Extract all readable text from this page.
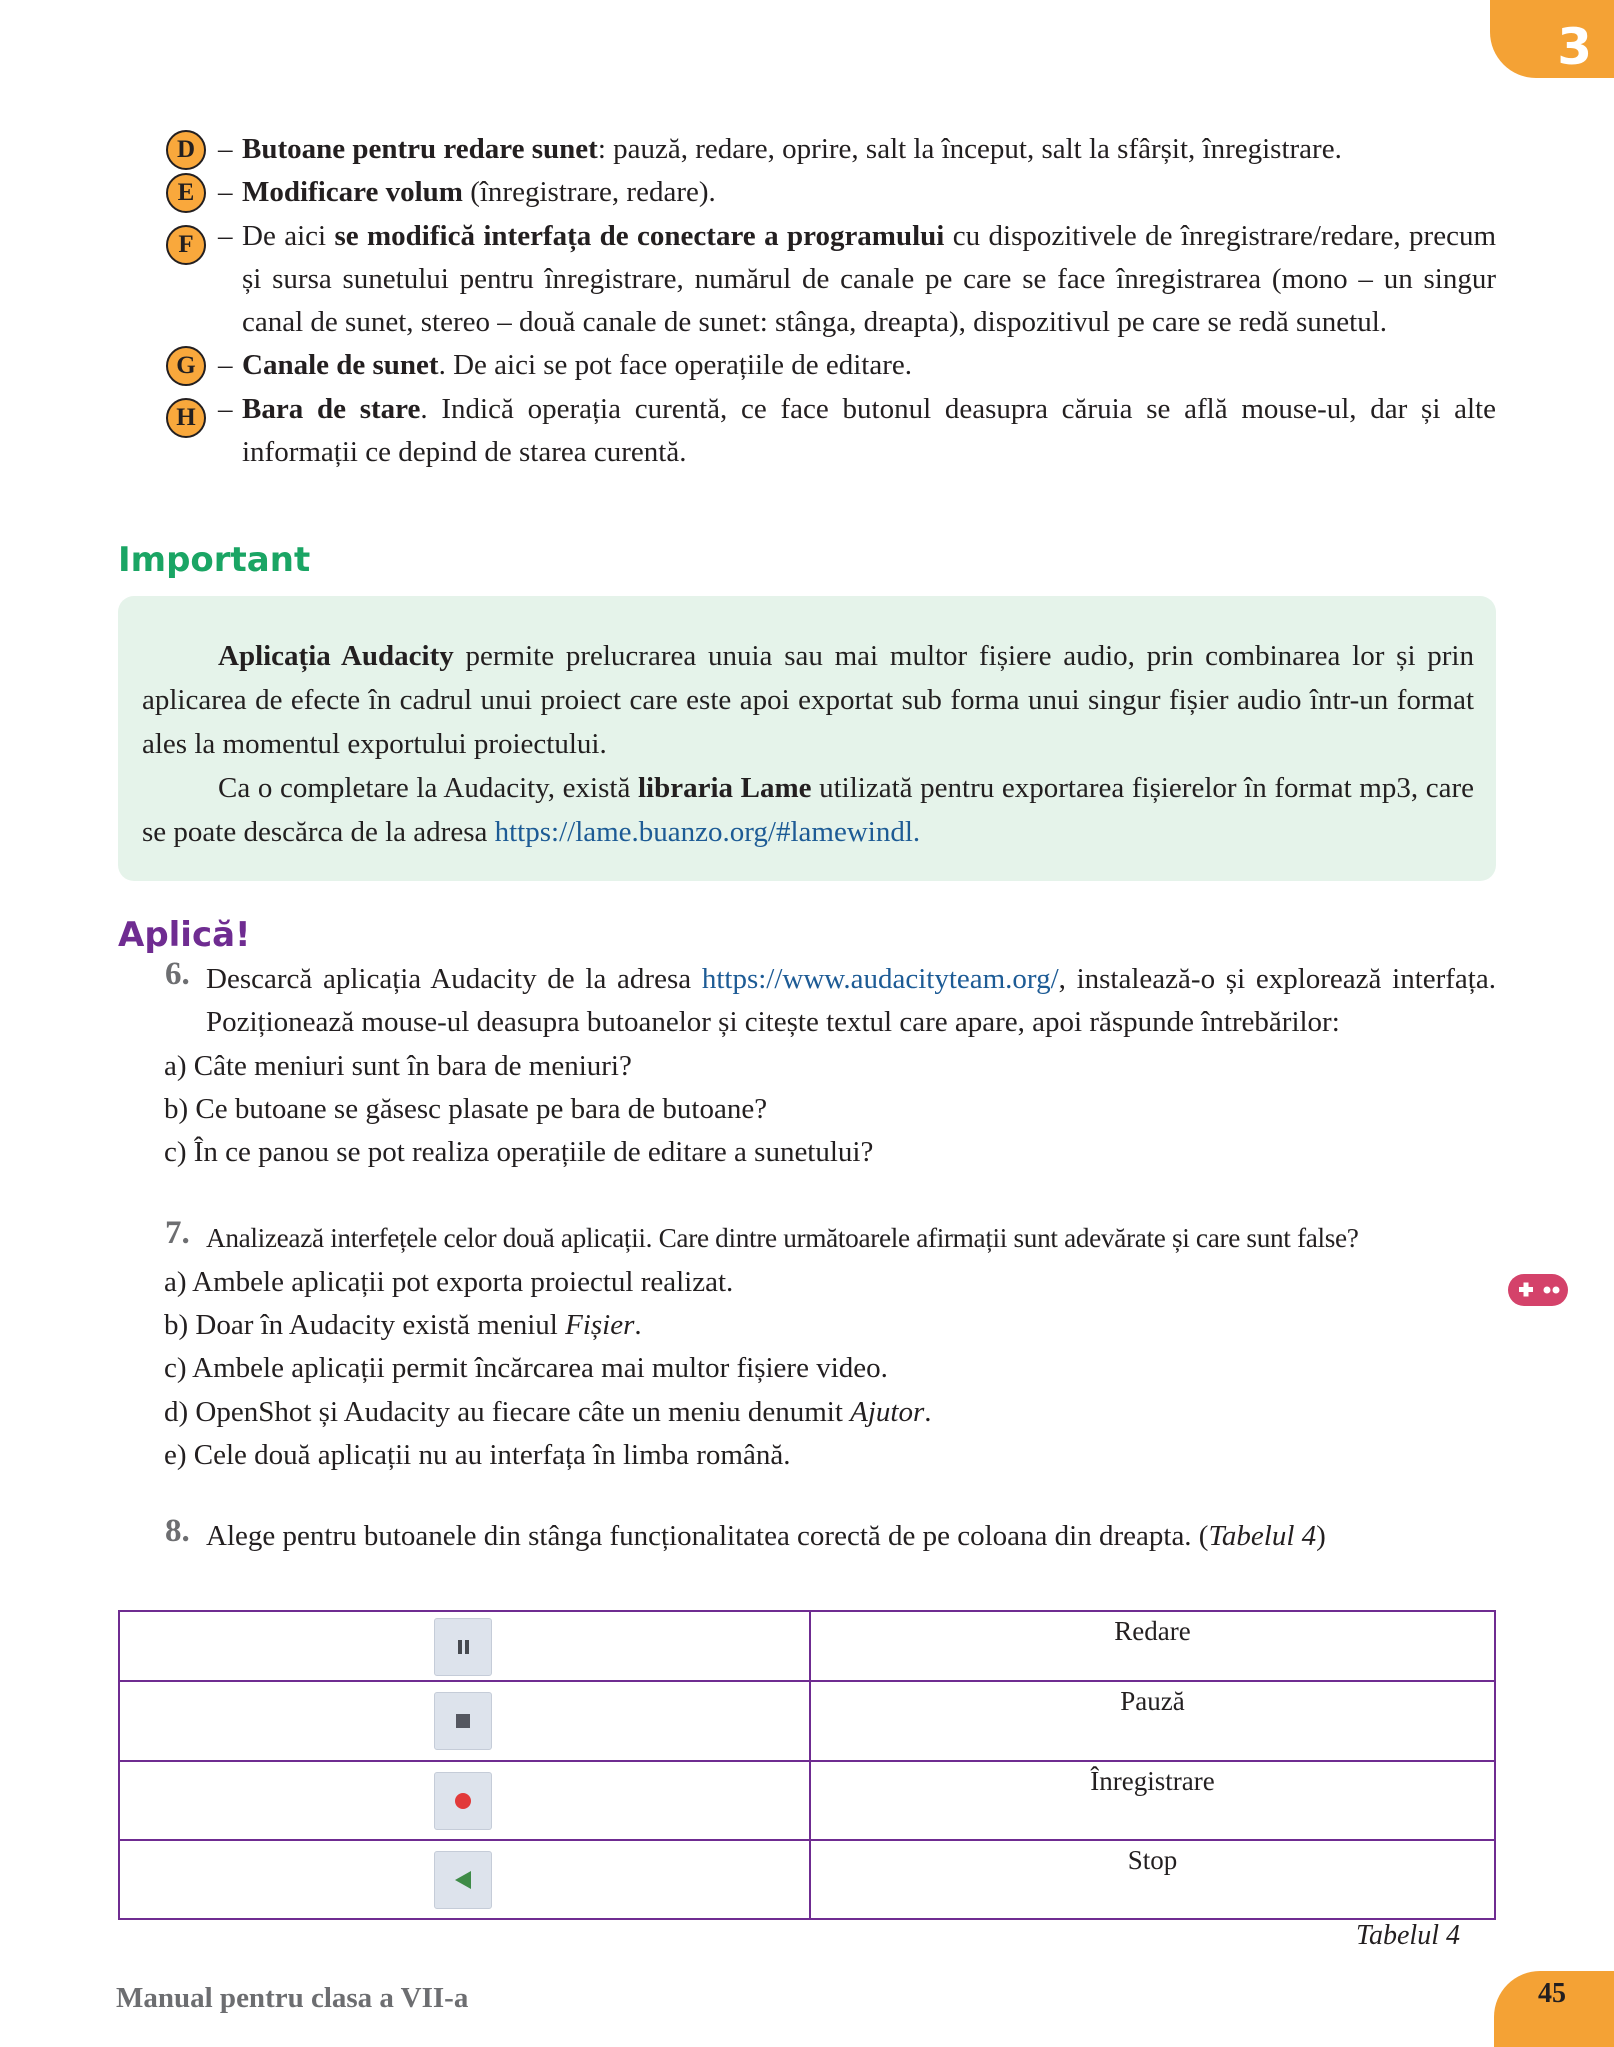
3
D – Butoane pentru redare sunet: pauză, redare, oprire, salt la început, salt la sfârșit, înregistrare.

E – Modificare volum (înregistrare, redare).

F – De aici se modifică interfața de conectare a programului cu dispozitivele de înregistrare/redare, precum și sursa sunetului pentru înregistrare, numărul de canale pe care se face înregistrarea (mono – un singur canal de sunet, stereo – două canale de sunet: stânga, dreapta), dispozitivul pe care se redă sunetul.

G – Canale de sunet. De aici se pot face operațiile de editare.

H – Bara de stare. Indică operația curentă, ce face butonul deasupra căruia se află mouse-ul, dar și alte informații ce depind de starea curentă.

Important

Aplicația Audacity permite prelucrarea unuia sau mai multor fișiere audio, prin combinarea lor și prin aplicarea de efecte în cadrul unui proiect care este apoi exportat sub forma unui singur fișier audio într-un format ales la momentul exportului proiectului.

Ca o completare la Audacity, există libraria Lame utilizată pentru exportarea fișierelor în format mp3, care se poate descărca de la adresa https://lame.buanzo.org/#lamewindl.

Aplică!
6. Descarcă aplicația Audacity de la adresa https://www.audacityteam.org/, instalează-o și explorează interfața. Poziționează mouse-ul deasupra butoanelor și citește textul care apare, apoi răspunde întrebărilor:

a) Câte meniuri sunt în bara de meniuri?

b) Ce butoane se găsesc plasate pe bara de butoane?

c) În ce panou se pot realiza operațiile de editare a sunetului?

7. Analizează interfețele celor două aplicații. Care dintre următoarele afirmații sunt adevărate și care sunt false?

a) Ambele aplicații pot exporta proiectul realizat.

b) Doar în Audacity există meniul Fișier.

c) Ambele aplicații permit încărcarea mai multor fișiere video.

d) OpenShot și Audacity au fiecare câte un meniu denumit Ajutor.

e) Cele două aplicații nu au interfața în limba română.

8. Alege pentru butoanele din stânga funcționalitatea corectă de pe coloana din dreapta. (Tabelul 4)

	Redare

	Pauză

	Înregistrare

	Stop
Tabelul 4
Manual pentru clasa a VII-a	45
